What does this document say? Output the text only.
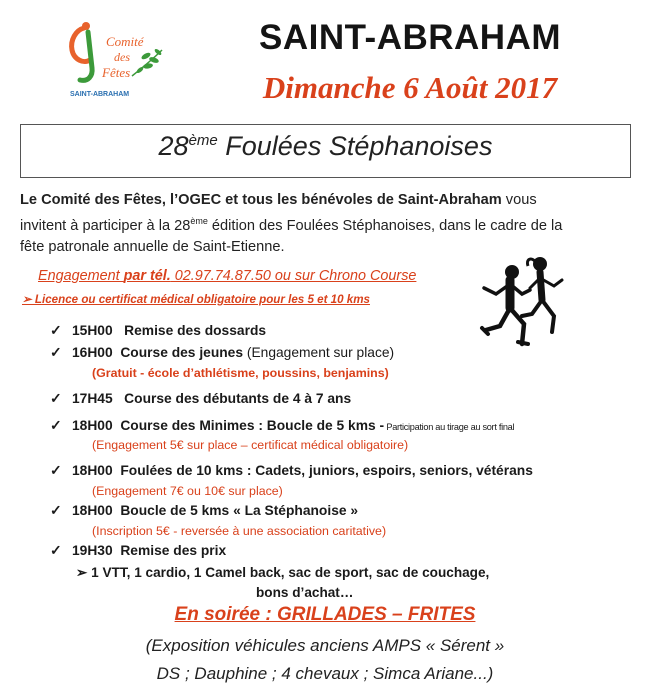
Comité
des
Fêtes
SAINT-ABRAHAM
SAINT-ABRAHAM
Dimanche 6 Août 2017
28ème Foulées Stéphanoises
Le Comité des Fêtes, l’OGEC et tous les bénévoles de Saint-Abraham vous invitent à participer à la 28ème édition des Foulées Stéphanoises, dans le cadre de la fête patronale annuelle de Saint-Etienne.
Engagement par tél. 02.97.74.87.50 ou sur Chrono Course
➢ Licence ou certificat médical obligatoire pour les 5 et 10 kms
✓ 15H00 Remise des dossards
✓ 16H00 Course des jeunes (Engagement sur place)
(Gratuit - école d’athlétisme, poussins, benjamins)
✓ 17H45 Course des débutants de 4 à 7 ans
✓ 18H00 Course des Minimes : Boucle de 5 kms - Participation au tirage au sort final
(Engagement 5€ sur place – certificat médical obligatoire)
✓ 18H00 Foulées de 10 kms : Cadets, juniors, espoirs, seniors, vétérans
(Engagement 7€ ou 10€ sur place)
✓ 18H00 Boucle de 5 kms « La Stéphanoise »
(Inscription 5€ - reversée à une association caritative)
✓ 19H30 Remise des prix
➢ 1 VTT, 1 cardio, 1 Camel back, sac de sport, sac de couchage,
bons d’achat…
En soirée : GRILLADES – FRITES
(Exposition véhicules anciens AMPS « Sérent »
DS ; Dauphine ; 4 chevaux ; Simca Ariane...)
